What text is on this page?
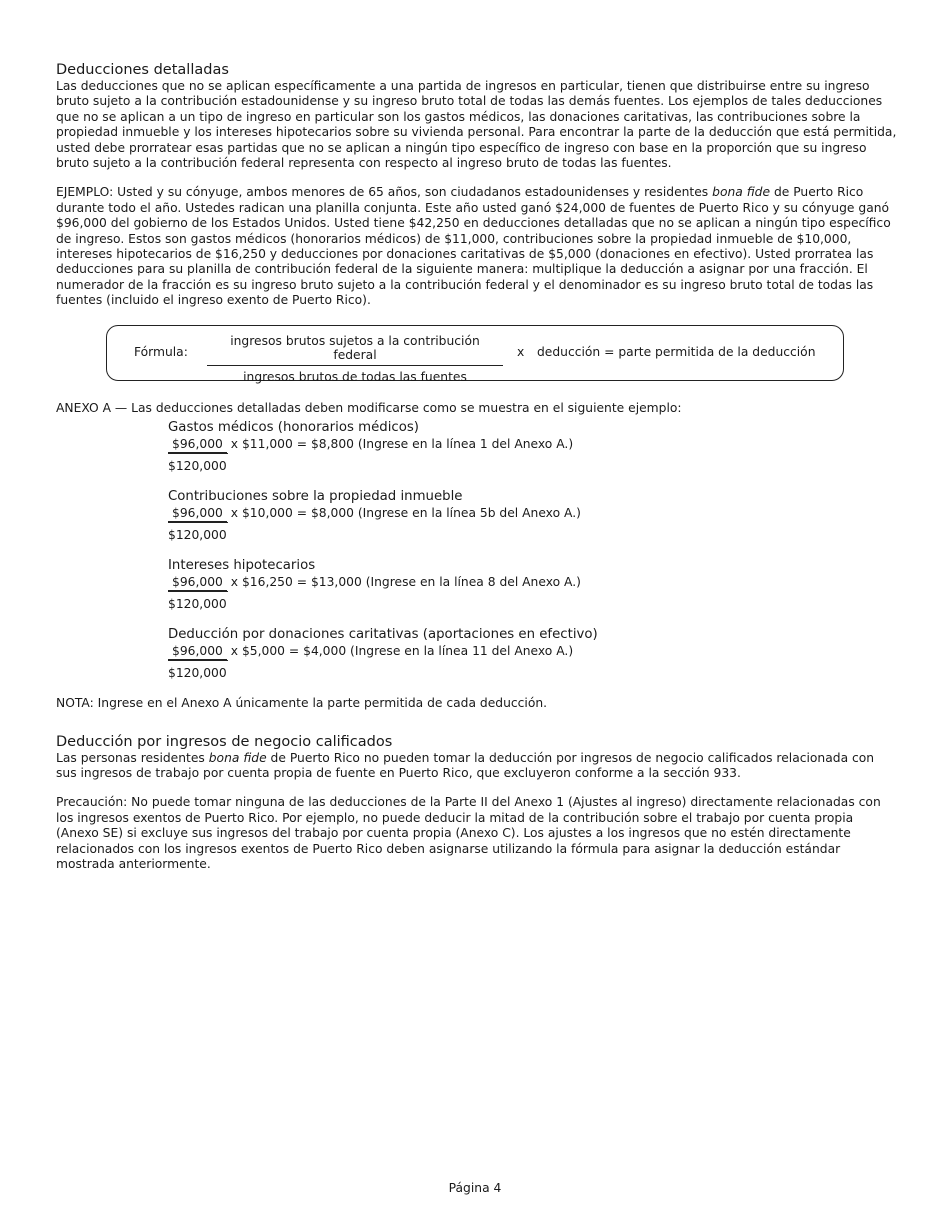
Deducciones detalladas

Las deducciones que no se aplican específicamente a una partida de ingresos en particular, tienen que distribuirse entre su ingreso bruto sujeto a la contribución estadounidense y su ingreso bruto total de todas las demás fuentes. Los ejemplos de tales deducciones que no se aplican a un tipo de ingreso en particular son los gastos médicos, las donaciones caritativas, las contribuciones sobre la propiedad inmueble y los intereses hipotecarios sobre su vivienda personal. Para encontrar la parte de la deducción que está permitida, usted debe prorratear esas partidas que no se aplican a ningún tipo específico de ingreso con base en la proporción que su ingreso bruto sujeto a la contribución federal representa con respecto al ingreso bruto de todas las fuentes.

EJEMPLO: Usted y su cónyuge, ambos menores de 65 años, son ciudadanos estadounidenses y residentes bona fide de Puerto Rico durante todo el año. Ustedes radican una planilla conjunta. Este año usted ganó $24,000 de fuentes de Puerto Rico y su cónyuge ganó $96,000 del gobierno de los Estados Unidos. Usted tiene $42,250 en deducciones detalladas que no se aplican a ningún tipo específico de ingreso. Estos son gastos médicos (honorarios médicos) de $11,000, contribuciones sobre la propiedad inmueble de $10,000, intereses hipotecarios de $16,250 y deducciones por donaciones caritativas de $5,000 (donaciones en efectivo). Usted prorratea las deducciones para su planilla de contribución federal de la siguiente manera: multiplique la deducción a asignar por una fracción. El numerador de la fracción es su ingreso bruto sujeto a la contribución federal y el denominador es su ingreso bruto total de todas las fuentes (incluido el ingreso exento de Puerto Rico).

Fórmula:
ingresos brutos sujetos a la contribución federal
ingresos brutos de todas las fuentes
x deducción = parte permitida de la deducción

ANEXO A — Las deducciones detalladas deben modificarse como se muestra en el siguiente ejemplo:

Gastos médicos (honorarios médicos)
$96,000 x $11,000 = $8,800 (Ingrese en la línea 1 del Anexo A.)
$120,000
Contribuciones sobre la propiedad inmueble
$96,000 x $10,000 = $8,000 (Ingrese en la línea 5b del Anexo A.)
$120,000
Intereses hipotecarios
$96,000 x $16,250 = $13,000 (Ingrese en la línea 8 del Anexo A.)
$120,000
Deducción por donaciones caritativas (aportaciones en efectivo)
$96,000 x $5,000 = $4,000 (Ingrese en la línea 11 del Anexo A.)
$120,000

NOTA: Ingrese en el Anexo A únicamente la parte permitida de cada deducción.

Deducción por ingresos de negocio calificados

Las personas residentes bona fide de Puerto Rico no pueden tomar la deducción por ingresos de negocio calificados relacionada con sus ingresos de trabajo por cuenta propia de fuente en Puerto Rico, que excluyeron conforme a la sección 933.

Precaución: No puede tomar ninguna de las deducciones de la Parte II del Anexo 1 (Ajustes al ingreso) directamente relacionadas con los ingresos exentos de Puerto Rico. Por ejemplo, no puede deducir la mitad de la contribución sobre el trabajo por cuenta propia (Anexo SE) si excluye sus ingresos del trabajo por cuenta propia (Anexo C). Los ajustes a los ingresos que no estén directamente relacionados con los ingresos exentos de Puerto Rico deben asignarse utilizando la fórmula para asignar la deducción estándar mostrada anteriormente.

Página 4
